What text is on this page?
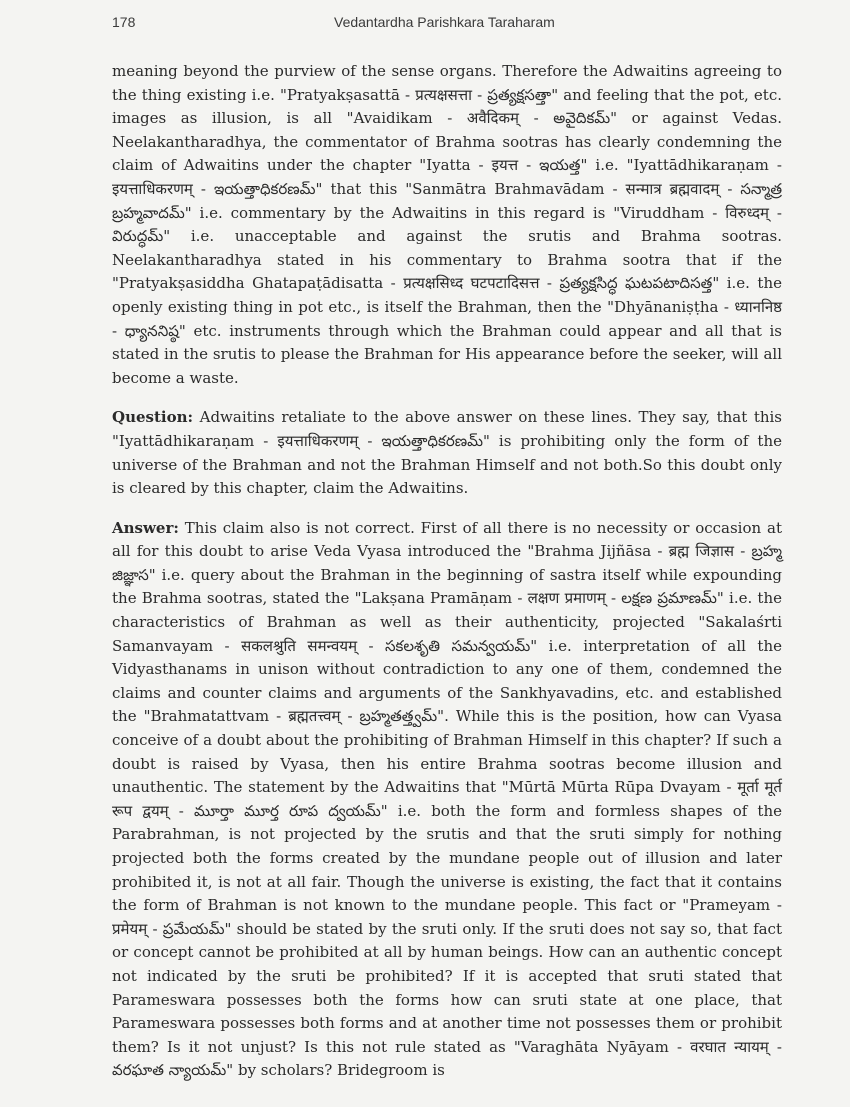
178	Vedantardha Parishkara Taraharam

meaning beyond the purview of the sense organs. Therefore the Adwaitins agreeing to the thing existing i.e. "Pratyakṣasattā - प्रत्यक्षसत्ता - ప్రత్యక్షసత్తా" and feeling that the pot, etc. images as illusion, is all "Avaidikam - अवैदिकम् - అవైదికమ్" or against Vedas. Neelakantharadhya, the commentator of Brahma sootras has clearly condemning the claim of Adwaitins under the chapter "Iyatta - इयत्त - ఇయత్త" i.e. "Iyattādhikaraṇam - इयत्ताधिकरणम् - ఇయత్తాధికరణమ్" that this "Sanmātra Brahmavādam - सन्मात्र ब्रह्मवादम् - సన్మాత్ర బ్రహ్మవాదమ్" i.e. commentary by the Adwaitins in this regard is "Viruddham - विरुध्दम् - విరుద్ధమ్" i.e. unacceptable and against the srutis and Brahma sootras. Neelakantharadhya stated in his commentary to Brahma sootra that if the "Pratyakṣasiddha Ghatapaṭādisatta - प्रत्यक्षसिध्द घटपटादिसत्त - ప్రత్యక్షసిద్ధ ఘటపటాదిసత్త" i.e. the openly existing thing in pot etc., is itself the Brahman, then the "Dhyānaniṣṭha - ध्याननिष्ठ - ధ్యాననిష్ఠ" etc. instruments through which the Brahman could appear and all that is stated in the srutis to please the Brahman for His appearance before the seeker, will all become a waste.

Question: Adwaitins retaliate to the above answer on these lines. They say, that this "Iyattādhikaraṇam - इयत्ताधिकरणम् - ఇయత్తాధికరణమ్" is prohibiting only the form of the universe of the Brahman and not the Brahman Himself and not both.So this doubt only is cleared by this chapter, claim the Adwaitins.

Answer: This claim also is not correct. First of all there is no necessity or occasion at all for this doubt to arise Veda Vyasa introduced the "Brahma Jijñāsa - ब्रह्म जिज्ञास - బ్రహ్మ జిజ్ఞాస" i.e. query about the Brahman in the beginning of sastra itself while expounding the Brahma sootras, stated the "Lakṣana Pramāṇam - लक्षण प्रमाणम् - లక్షణ ప్రమాణమ్" i.e. the characteristics of Brahman as well as their authenticity, projected "Sakalaśrti Samanvayam - सकलश्रुति समन्वयम् - సకలశృతి సమన్వయమ్" i.e. interpretation of all the Vidyasthanams in unison without contradiction to any one of them, condemned the claims and counter claims and arguments of the Sankhyavadins, etc. and established the "Brahmatattvam - ब्रह्मतत्त्वम् - బ్రహ్మతత్త్వమ్". While this is the position, how can Vyasa conceive of a doubt about the prohibiting of Brahman Himself in this chapter? If such a doubt is raised by Vyasa, then his entire Brahma sootras become illusion and unauthentic. The statement by the Adwaitins that "Mūrtā Mūrta Rūpa Dvayam - मूर्ता मूर्त रूप द्वयम् - మూర్తా మూర్త రూప ద్వయమ్" i.e. both the form and formless shapes of the Parabrahman, is not projected by the srutis and that the sruti simply for nothing projected both the forms created by the mundane people out of illusion and later prohibited it, is not at all fair. Though the universe is existing, the fact that it contains the form of Brahman is not known to the mundane people. This fact or "Prameyam - प्रमेयम् - ప్రమేయమ్" should be stated by the sruti only. If the sruti does not say so, that fact or concept cannot be prohibited at all by human beings. How can an authentic concept not indicated by the sruti be prohibited? If it is accepted that sruti stated that Parameswara possesses both the forms how can sruti state at one place, that Parameswara possesses both forms and at another time not possesses them or prohibit them? Is it not unjust? Is this not rule stated as "Varaghāta Nyāyam - वरघात न्यायम् - వరఘాత న్యాయమ్" by scholars? Bridegroom is
